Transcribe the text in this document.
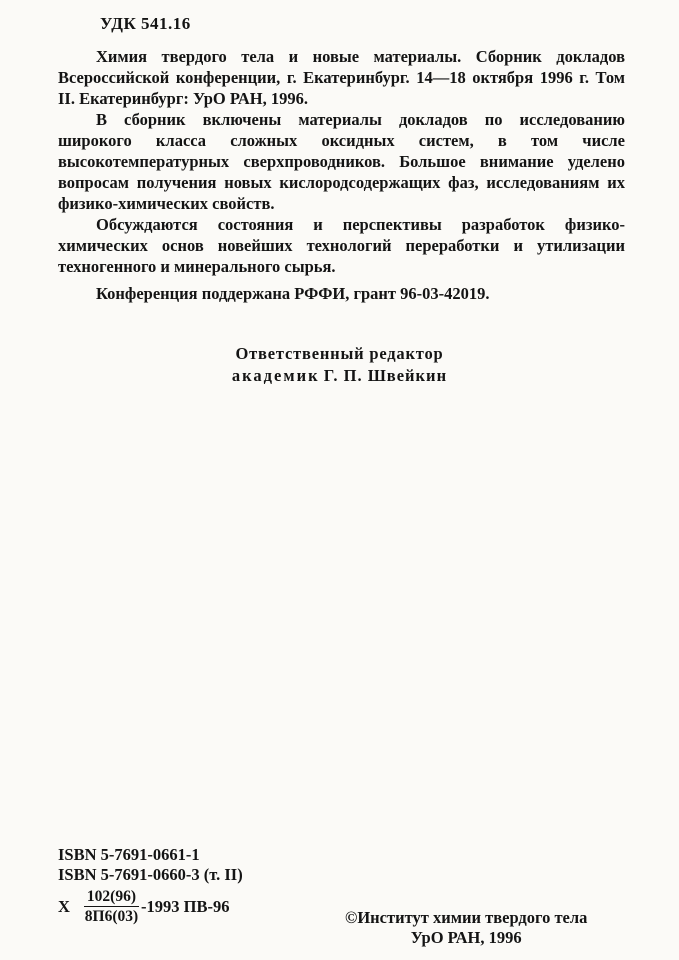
УДК 541.16

Химия твердого тела и новые материалы. Сборник докладов Всероссийской конференции, г. Екатеринбург. 14—18 октября 1996 г. Том II. Екатеринбург: УрО РАН, 1996.

В сборник включены материалы докладов по исследованию широкого класса сложных оксидных систем, в том числе высокотемпературных сверхпроводников. Большое внимание уделено вопросам получения новых кислородсодержащих фаз, исследованиям их физико-химических свойств.

Обсуждаются состояния и перспективы разработок физико-химических основ новейших технологий переработки и утилизации техногенного и минерального сырья.

Конференция поддержана РФФИ, грант 96-03-42019.

Ответственный редактор
академик Г. П. Швейкин
ISBN 5-7691-0661-1
ISBN 5-7691-0660-3 (т. II)
Х $\frac{102(96)}{8П6(03)} -1993$ ПВ-96
©Институт химии твердого тела
УрО РАН, 1996
